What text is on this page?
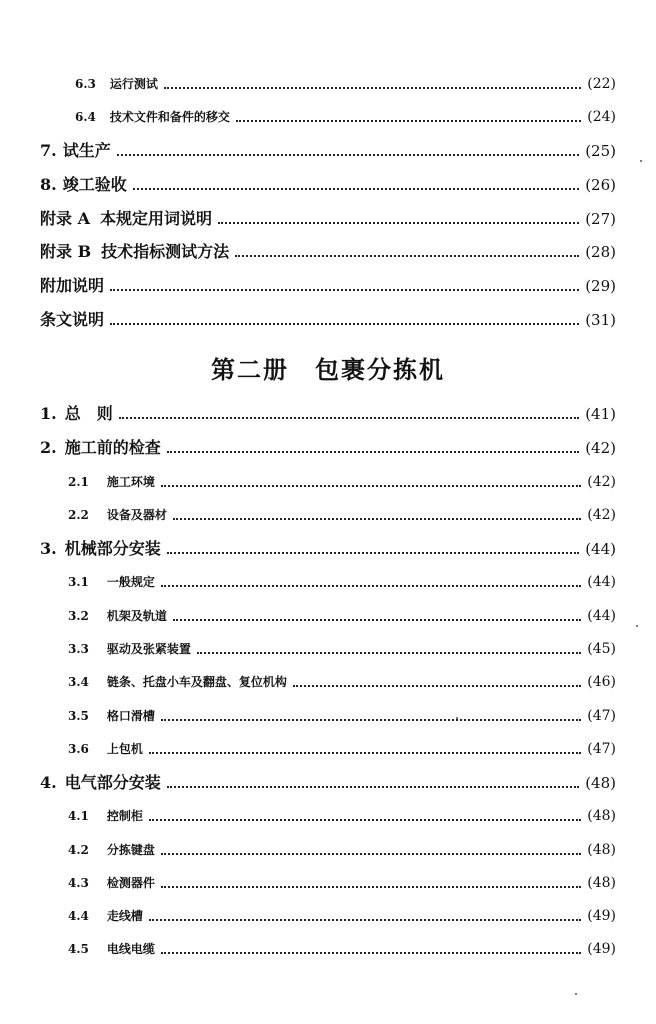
6.3 运行测试	(22)
6.4 技术文件和备件的移交	(24)
7. 试生产	(25)
8. 竣工验收	(26)
附录 A 本规定用词说明	(27)
附录 B 技术指标测试方法	(28)
附加说明	(29)
条文说明	(31)
第二册　包裹分拣机
1. 总　则	(41)
2. 施工前的检查	(42)
2.1 施工环境	(42)
2.2 设备及器材	(42)
3. 机械部分安装	(44)
3.1 一般规定	(44)
3.2 机架及轨道	(44)
3.3 驱动及张紧装置	(45)
3.4 链条、托盘小车及翻盘、复位机构	(46)
3.5 格口滑槽	(47)
3.6 上包机	(47)
4. 电气部分安装	(48)
4.1 控制柜	(48)
4.2 分拣键盘	(48)
4.3 检测器件	(48)
4.4 走线槽	(49)
4.5 电线电缆	(49)
